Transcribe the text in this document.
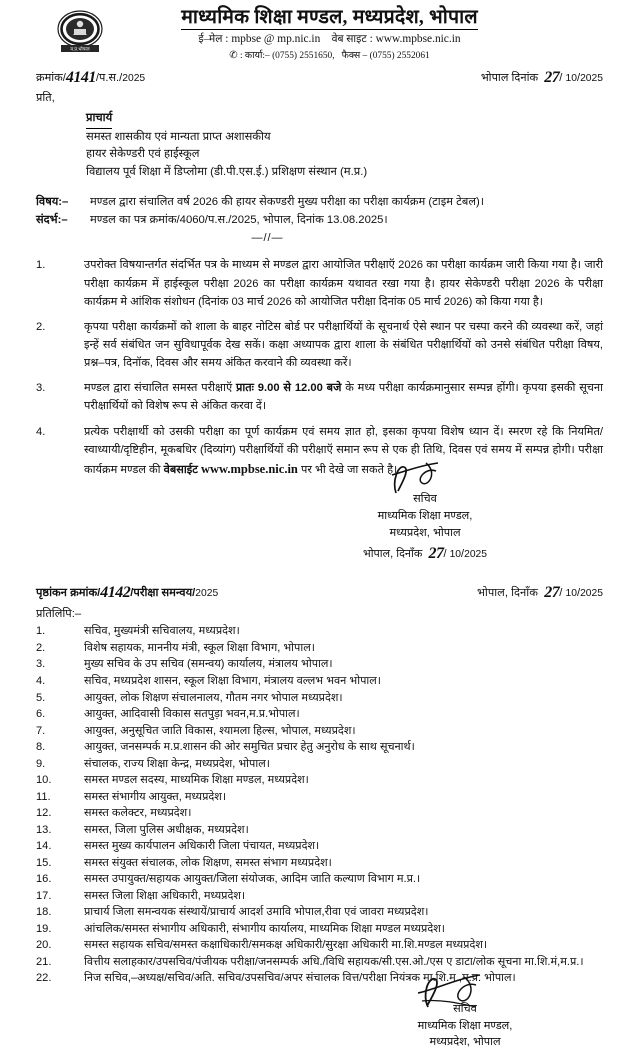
म.प्र.भोपाल
माध्यमिक शिक्षा मण्डल, मध्यप्रदेश, भोपाल
ई–मेल : mpbse @ mp.nic.in वेब साइट : www.mpbse.nic.in
✆ : कार्या:– (0755) 2551650, फैक्स – (0755) 2552061
क्रमांक/4141/प.स./2025	भोपाल दिनांक 27/ 10/2025
प्रति,
प्राचार्य
समस्त शासकीय एवं मान्यता प्राप्त अशासकीय
हायर सेकेण्डरी एवं हाईस्कूल
विद्यालय पूर्व शिक्षा में डिप्लोमा (डी.पी.एस.ई.) प्रशिक्षण संस्थान (म.प्र.)
विषय:–	मण्डल द्वारा संचालित वर्ष 2026 की हायर सेकण्डरी मुख्य परीक्षा का परीक्षा कार्यक्रम (टाइम टेबल)।
संदर्भ:–	मण्डल का पत्र क्रमांक/4060/प.स./2025, भोपाल, दिनांक 13.08.2025।
—//—
1.	उपरोक्त विषयान्तर्गत संदर्भित पत्र के माध्यम से मण्डल द्वारा आयोजित परीक्षाऍ 2026 का परीक्षा कार्यक्रम जारी किया गया है। जारी परीक्षा कार्यक्रम में हाईस्कूल परीक्षा 2026 का परीक्षा कार्यक्रम यथावत रखा गया है। हायर सेकेण्डरी परीक्षा 2026 के परीक्षा कार्यक्रम मे आंशिक संशोधन (दिनांक 03 मार्च 2026 को आयोजित परीक्षा दिनांक 05 मार्च 2026) को किया गया है।
2.	कृपया परीक्षा कार्यक्रमों को शाला के बाहर नोटिस बोर्ड पर परीक्षार्थियों के सूचनार्थ ऐसे स्थान पर चस्पा करने की व्यवस्था करें, जहां इन्हें सर्व संबंधित जन सुविधापूर्वक देख सकें। कक्षा अध्यापक द्वारा शाला के संबंधित परीक्षार्थियों को उनसे संबंधित परीक्षा विषय, प्रश्न–पत्र, दिनॉक, दिवस और समय अंकित करवाने की व्यवस्था करें।
3.	मण्डल द्वारा संचालित समस्त परीक्षाऍ प्रातः 9.00 से 12.00 बजे के मध्य परीक्षा कार्यक्रमानुसार सम्पन्न होंगी। कृपया इसकी सूचना परीक्षार्थियों को विशेष रूप से अंकित करवा दें।
4.	प्रत्येक परीक्षार्थी को उसकी परीक्षा का पूर्ण कार्यक्रम एवं समय ज्ञात हो, इसका कृपया विशेष ध्यान दें। स्मरण रहे कि नियमित/स्वाध्यायी/दृष्टिहीन, मूकबधिर (दिव्यांग) परीक्षार्थियों की परीक्षाऍ समान रूप से एक ही तिथि, दिवस एवं समय में सम्पन्न होगी। परीक्षा कार्यक्रम मण्डल की वेबसाईट www.mpbse.nic.in पर भी देखे जा सकते है।
सचिव
माध्यमिक शिक्षा मण्डल,
मध्यप्रदेश, भोपाल
भोपाल, दिनॉंक 27/ 10/2025
पृष्ठांकन क्रमांक/4142/परीक्षा समन्वय/2025	भोपाल, दिनॉंक 27/ 10/2025
प्रतिलिपि:–
1.	सचिव, मुख्यमंत्री सचिवालय, मध्यप्रदेश।
2.	विशेष सहायक, माननीय मंत्री, स्कूल शिक्षा विभाग, भोपाल।
3.	मुख्य सचिव के उप सचिव (समन्वय) कार्यालय, मंत्रालय भोपाल।
4.	सचिव, मध्यप्रदेश शासन, स्कूल शिक्षा विभाग, मंत्रालय वल्लभ भवन भोपाल।
5.	आयुक्त, लोक शिक्षण संचालनालय, गौतम नगर भोपाल मध्यप्रदेश।
6.	आयुक्त, आदिवासी विकास सतपुड़ा भवन,म.प्र.भोपाल।
7.	आयुक्त, अनुसूचित जाति विकास, श्यामला हिल्स, भोपाल, मध्यप्रदेश।
8.	आयुक्त, जनसम्पर्क म.प्र.शासन की ओर समुचित प्रचार हेतु अनुरोध के साथ सूचनार्थ।
9.	संचालक, राज्य शिक्षा केन्द्र, मध्यप्रदेश, भोपाल।
10.	समस्त मण्डल सदस्य, माध्यमिक शिक्षा मण्डल, मध्यप्रदेश।
11.	समस्त संभागीय आयुक्त, मध्यप्रदेश।
12.	समस्त कलेक्टर, मध्यप्रदेश।
13.	समस्त, जिला पुलिस अधीक्षक, मध्यप्रदेश।
14.	समस्त मुख्य कार्यपालन अधिकारी जिला पंचायत, मध्यप्रदेश।
15.	समस्त संयुक्त संचालक, लोक शिक्षण, समस्त संभाग मध्यप्रदेश।
16.	समस्त उपायुक्त/सहायक आयुक्त/जिला संयोजक, आदिम जाति कल्याण विभाग म.प्र.।
17.	समस्त जिला शिक्षा अधिकारी, मध्यप्रदेश।
18.	प्राचार्य जिला समन्वयक संस्थायें/प्राचार्य आदर्श उमावि भोपाल,रीवा एवं जावरा मध्यप्रदेश।
19.	आंचलिक/समस्त संभागीय अधिकारी, संभागीय कार्यालय, माध्यमिक शिक्षा मण्डल मध्यप्रदेश।
20.	समस्त सहायक सचिव/समस्त कक्षाधिकारी/समकक्ष अधिकारी/सुरक्षा अधिकारी मा.शि.मण्डल मध्यप्रदेश।
21.	वित्तीय सलाहकार/उपसचिव/पंजीयक परीक्षा/जनसम्पर्क अधि./विधि सहायक/सी.एस.ओ./एस ए डाटा/लोक सूचना मा.शि.मं,म.प्र.।
22.	निज सचिव,–अध्यक्ष/सचिव/अति. सचिव/उपसचिव/अपर संचालक वित्त/परीक्षा नियंत्रक मा.शि.म.,म.प्र. भोपाल।
सचिव
माध्यमिक शिक्षा मण्डल,
मध्यप्रदेश, भोपाल
